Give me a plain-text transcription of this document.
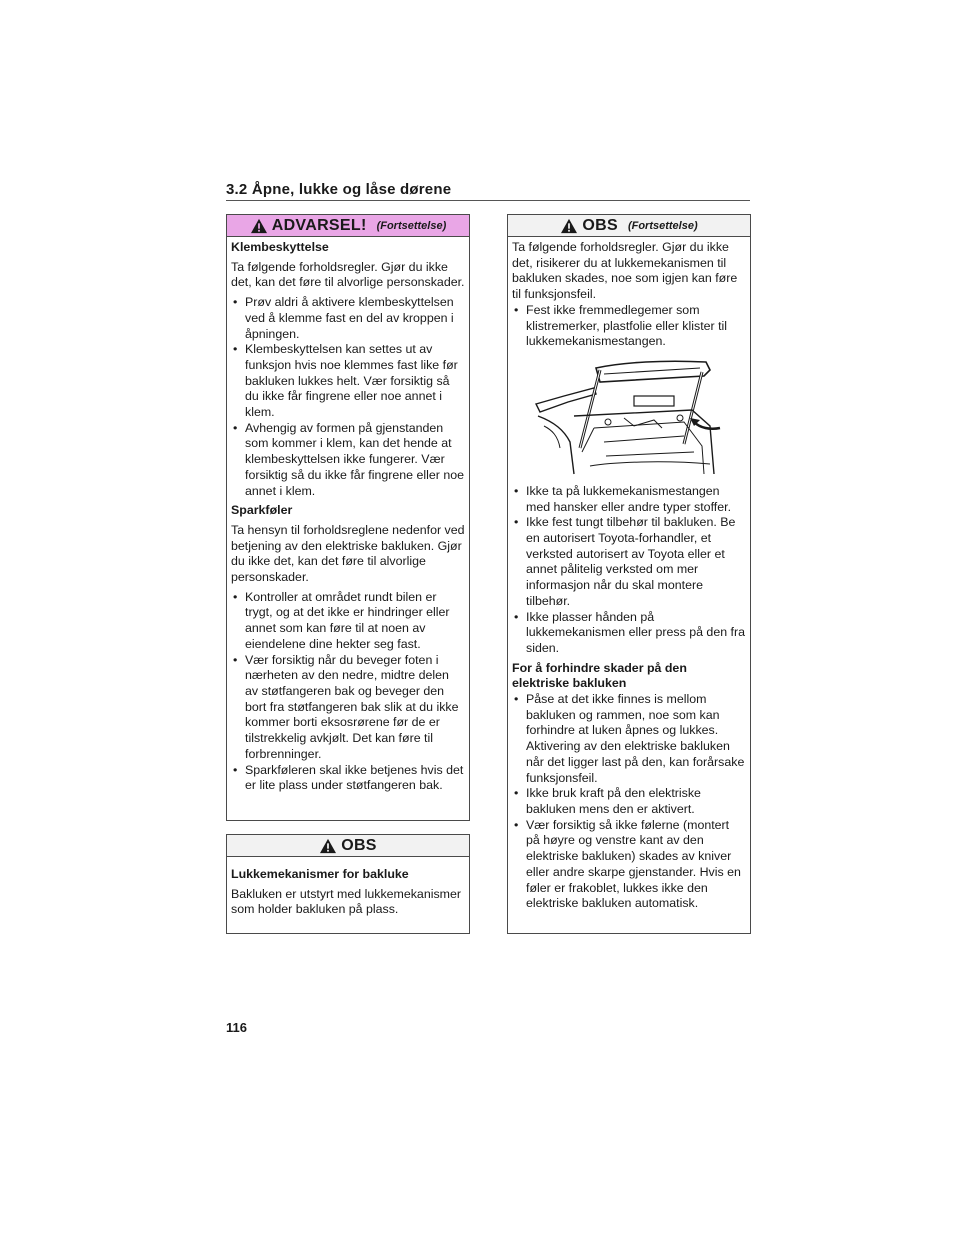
3.2 Åpne, lukke og låse dørene
ADVARSEL! (Fortsettelse)

Klembeskyttelse

Ta følgende forholdsregler. Gjør du ikke det, kan det føre til alvorlige personskader.

• Prøv aldri å aktivere klembeskyttelsen ved å klemme fast en del av kroppen i åpningen.
• Klembeskyttelsen kan settes ut av funksjon hvis noe klemmes fast like før bakluken lukkes helt. Vær forsiktig så du ikke får fingrene eller noe annet i klem.
• Avhengig av formen på gjenstanden som kommer i klem, kan det hende at klembeskyttelsen ikke fungerer. Vær forsiktig så du ikke får fingrene eller noe annet i klem.

Sparkføler

Ta hensyn til forholdsreglene nedenfor ved betjening av den elektriske bakluken. Gjør du ikke det, kan det føre til alvorlige personskader.

• Kontroller at området rundt bilen er trygt, og at det ikke er hindringer eller annet som kan føre til at noen av eiendelene dine hekter seg fast.
• Vær forsiktig når du beveger foten i nærheten av den nedre, midtre delen av støtfangeren bak og beveger den bort fra støtfangeren bak slik at du ikke kommer borti eksosrørene før de er tilstrekkelig avkjølt. Det kan føre til forbrenninger.
• Sparkføleren skal ikke betjenes hvis det er lite plass under støtfangeren bak.
OBS

Lukkemekanismer for bakluke

Bakluken er utstyrt med lukkemekanismer som holder bakluken på plass.

OBS (Fortsettelse)

Ta følgende forholdsregler. Gjør du ikke det, risikerer du at lukkemekanismen til bakluken skades, noe som igjen kan føre til funksjonsfeil.

• Fest ikke fremmedlegemer som klistremerker, plastfolie eller klister til lukkemekanismestangen.
• Ikke ta på lukkemekanismestangen med hansker eller andre typer stoffer.
• Ikke fest tungt tilbehør til bakluken. Be en autorisert Toyota-forhandler, et verksted autorisert av Toyota eller et annet pålitelig verksted om mer informasjon når du skal montere tilbehør.
• Ikke plasser hånden på lukkemekanismen eller press på den fra siden.

For å forhindre skader på den elektriske bakluken

• Påse at det ikke finnes is mellom bakluken og rammen, noe som kan forhindre at luken åpnes og lukkes. Aktivering av den elektriske bakluken når det ligger last på den, kan forårsake funksjonsfeil.
• Ikke bruk kraft på den elektriske bakluken mens den er aktivert.
• Vær forsiktig så ikke følerne (montert på høyre og venstre kant av den elektriske bakluken) skades av kniver eller andre skarpe gjenstander. Hvis en føler er frakoblet, lukkes ikke den elektriske bakluken automatisk.
116
